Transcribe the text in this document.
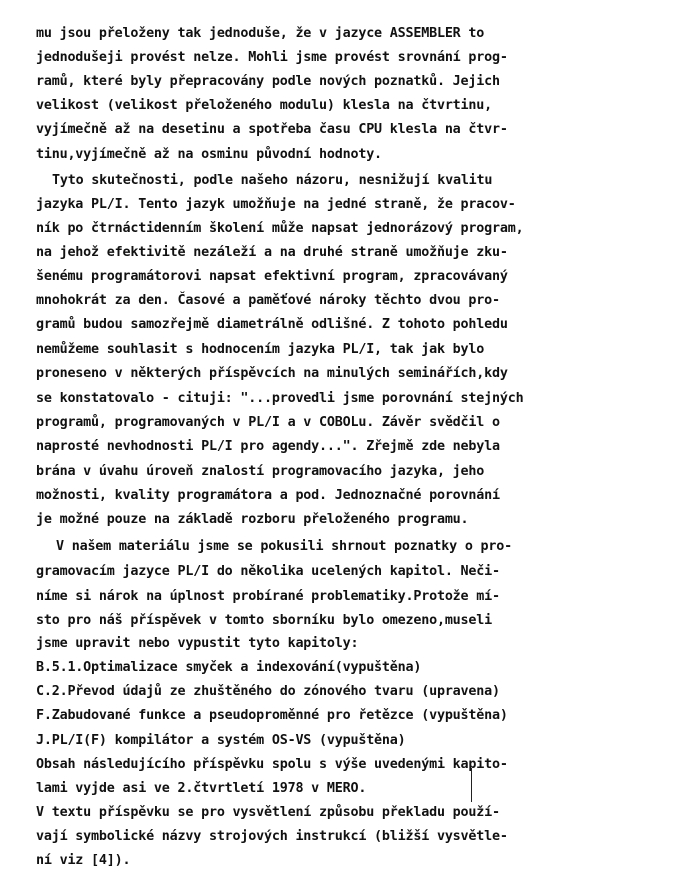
mu jsou přeloženy tak jednoduše, že v jazyce ASSEMBLER to
jednodušeji provést nelze. Mohli jsme provést srovnání prog-
ramů, které byly přepracovány podle nových poznatků. Jejich
velikost (velikost přeloženého modulu) klesla na čtvrtinu,
vyjímečně až na desetinu a spotřeba času CPU klesla na čtvr-
tinu,vyjímečně až na osminu původní hodnoty.
Tyto skutečnosti, podle našeho názoru, nesnižují kvalitu
jazyka PL/I. Tento jazyk umožňuje na jedné straně, že pracov-
ník po čtrnáctidenním školení může napsat jednorázový program,
na jehož efektivitě nezáleží a na druhé straně umožňuje zku-
šenému programátorovi napsat efektivní program, zpracovávaný
mnohokrát za den. Časové a paměťové nároky těchto dvou pro-
gramů budou samozřejmě diametrálně odlišné. Z tohoto pohledu
nemůžeme souhlasit s hodnocením jazyka PL/I, tak jak bylo
proneseno v některých příspěvcích na minulých seminářích,kdy
se konstatovalo - cituji: "...provedli jsme porovnání stejných
programů, programovaných v PL/I a v COBOLu. Závěr svědčil o
naprosté nevhodnosti PL/I pro agendy...". Zřejmě zde nebyla
brána v úvahu úroveň znalostí programovacího jazyka, jeho
možnosti, kvality programátora a pod. Jednoznačné porovnání
je možné pouze na základě rozboru přeloženého programu.
V našem materiálu jsme se pokusili shrnout poznatky o pro-
gramovacím jazyce PL/I do několika ucelených kapitol. Neči-
níme si nárok na úplnost probírané problematiky.Protože mí-
sto pro náš příspěvek v tomto sborníku bylo omezeno,museli
jsme upravit nebo vypustit tyto kapitoly:
B.5.1.Optimalizace smyček a indexování(vypuštěna)
C.2.Převod údajů ze zhuštěného do zónového tvaru (upravena)
F.Zabudované funkce a pseudoproměnné pro řetězce (vypuštěna)
J.PL/I(F) kompilátor a systém OS-VS (vypuštěna)
Obsah následujícího příspěvku spolu s výše uvedenými kapito-
lami vyjde asi ve 2.čtvrtletí 1978 v MERO.
V textu příspěvku se pro vysvětlení způsobu překladu použí-
vají symbolické názvy strojových instrukcí (bližší vysvětle-
ní viz [4]).
